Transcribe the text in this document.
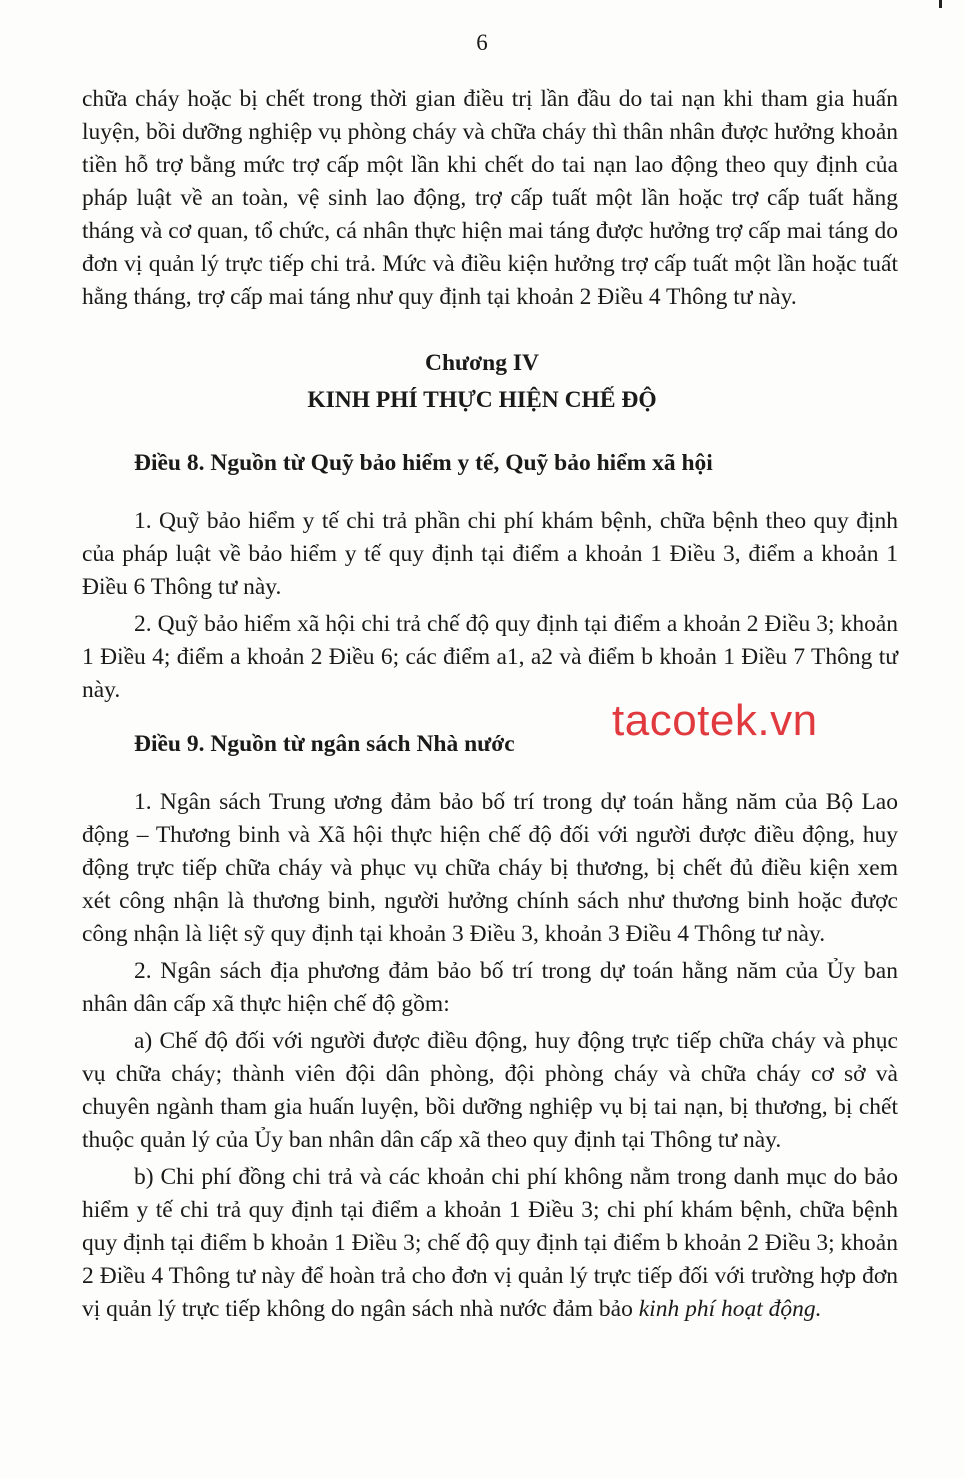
6

chữa cháy hoặc bị chết trong thời gian điều trị lần đầu do tai nạn khi tham gia huấn luyện, bồi dưỡng nghiệp vụ phòng cháy và chữa cháy thì thân nhân được hưởng khoản tiền hỗ trợ bằng mức trợ cấp một lần khi chết do tai nạn lao động theo quy định của pháp luật về an toàn, vệ sinh lao động, trợ cấp tuất một lần hoặc trợ cấp tuất hằng tháng và cơ quan, tổ chức, cá nhân thực hiện mai táng được hưởng trợ cấp mai táng do đơn vị quản lý trực tiếp chi trả. Mức và điều kiện hưởng trợ cấp tuất một lần hoặc tuất hằng tháng, trợ cấp mai táng như quy định tại khoản 2 Điều 4 Thông tư này.

Chương IV
KINH PHÍ THỰC HIỆN CHẾ ĐỘ
Điều 8. Nguồn từ Quỹ bảo hiểm y tế, Quỹ bảo hiểm xã hội

1. Quỹ bảo hiểm y tế chi trả phần chi phí khám bệnh, chữa bệnh theo quy định của pháp luật về bảo hiểm y tế quy định tại điểm a khoản 1 Điều 3, điểm a khoản 1 Điều 6 Thông tư này.

2. Quỹ bảo hiểm xã hội chi trả chế độ quy định tại điểm a khoản 2 Điều 3; khoản 1 Điều 4; điểm a khoản 2 Điều 6; các điểm a1, a2 và điểm b khoản 1 Điều 7 Thông tư này.

tacotek.vn
Điều 9. Nguồn từ ngân sách Nhà nước

1. Ngân sách Trung ương đảm bảo bố trí trong dự toán hằng năm của Bộ Lao động – Thương binh và Xã hội thực hiện chế độ đối với người được điều động, huy động trực tiếp chữa cháy và phục vụ chữa cháy bị thương, bị chết đủ điều kiện xem xét công nhận là thương binh, người hưởng chính sách như thương binh hoặc được công nhận là liệt sỹ quy định tại khoản 3 Điều 3, khoản 3 Điều 4 Thông tư này.

2. Ngân sách địa phương đảm bảo bố trí trong dự toán hằng năm của Ủy ban nhân dân cấp xã thực hiện chế độ gồm:

a) Chế độ đối với người được điều động, huy động trực tiếp chữa cháy và phục vụ chữa cháy; thành viên đội dân phòng, đội phòng cháy và chữa cháy cơ sở và chuyên ngành tham gia huấn luyện, bồi dưỡng nghiệp vụ bị tai nạn, bị thương, bị chết thuộc quản lý của Ủy ban nhân dân cấp xã theo quy định tại Thông tư này.

b) Chi phí đồng chi trả và các khoản chi phí không nằm trong danh mục do bảo hiểm y tế chi trả quy định tại điểm a khoản 1 Điều 3; chi phí khám bệnh, chữa bệnh quy định tại điểm b khoản 1 Điều 3; chế độ quy định tại điểm b khoản 2 Điều 3; khoản 2 Điều 4 Thông tư này để hoàn trả cho đơn vị quản lý trực tiếp đối với trường hợp đơn vị quản lý trực tiếp không do ngân sách nhà nước đảm bảo kinh phí hoạt động.
